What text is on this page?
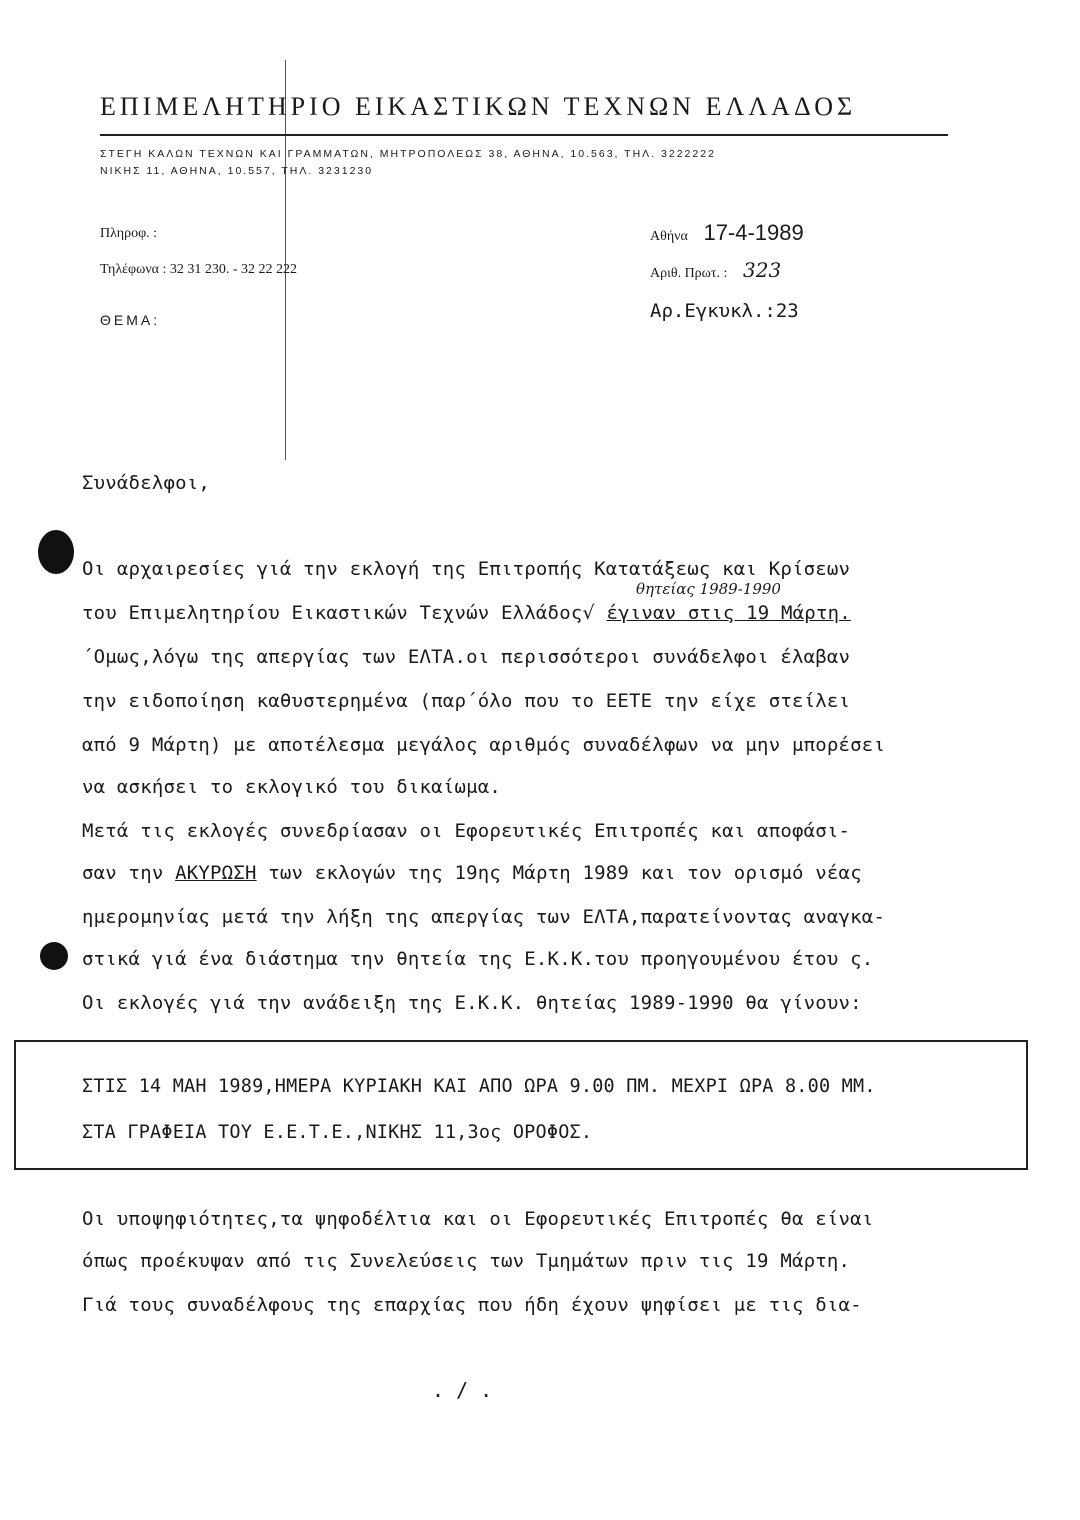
ΕΠΙΜΕΛΗΤΗΡΙΟ ΕΙΚΑΣΤΙΚΩΝ ΤΕΧΝΩΝ ΕΛΛΑΔΟΣ
ΣΤΕΓΗ ΚΑΛΩΝ ΤΕΧΝΩΝ ΚΑΙ ΓΡΑΜΜΑΤΩΝ, ΜΗΤΡΟΠΟΛΕΩΣ 38, ΑΘΗΝΑ, 10.563, ΤΗΛ. 3222222
ΝΙΚΗΣ 11, ΑΘΗΝΑ, 10.557, ΤΗΛ. 3231230
Πληροφ. :
Τηλέφωνα : 32 31 230. - 32 22 222
ΘΕΜΑ:
Αθήνα 17-4-1989
Αριθ. Πρωτ. : 323
Αρ.Εγκυκλ.:23
Συνάδελφοι,
Οι αρχαιρεσίες γιά την εκλογή της Επιτροπής Κατατάξεως και Κρίσεων
θητείας 1989-1990
του Επιμελητηρίου Εικαστικών Τεχνών Ελλάδος√ έγιναν στις 19 Μάρτη.
΄Ομως,λόγω της απεργίας των ΕΛΤΑ.οι περισσότεροι συνάδελφοι έλαβαν
την ειδοποίηση καθυστερημένα (παρ΄όλο που το ΕΕΤΕ την είχε στείλει
από 9 Μάρτη) με αποτέλεσμα μεγάλος αριθμός συναδέλφων να μην μπορέσει
να ασκήσει το εκλογικό του δικαίωμα.
Μετά τις εκλογές συνεδρίασαν οι Εφορευτικές Επιτροπές και αποφάσι-
σαν την ΑΚΥΡΩΣΗ των εκλογών της 19ης Μάρτη 1989 και τον ορισμό νέας
ημερομηνίας μετά την λήξη της απεργίας των ΕΛΤΑ,παρατείνοντας αναγκα-
στικά γιά ένα διάστημα την θητεία της Ε.Κ.Κ.του προηγουμένου έτου ς.
Οι εκλογές γιά την ανάδειξη της Ε.Κ.Κ. θητείας 1989-1990 θα γίνουν:
ΣΤΙΣ 14 ΜΑΗ 1989,ΗΜΕΡΑ ΚΥΡΙΑΚΗ ΚΑΙ ΑΠΟ ΩΡΑ 9.00 ΠΜ. ΜΕΧΡΙ ΩΡΑ 8.00 ΜΜ.
ΣΤΑ ΓΡΑΦΕΙΑ ΤΟΥ Ε.Ε.Τ.Ε.,ΝΙΚΗΣ 11,3ος ΟΡΟΦΟΣ.
Οι υποψηφιότητες,τα ψηφοδέλτια και οι Εφορευτικές Επιτροπές θα είναι
όπως προέκυψαν από τις Συνελεύσεις των Τμημάτων πριν τις 19 Μάρτη.
Γιά τους συναδέλφους της επαρχίας που ήδη έχουν ψηφίσει με τις δια-
. / .
